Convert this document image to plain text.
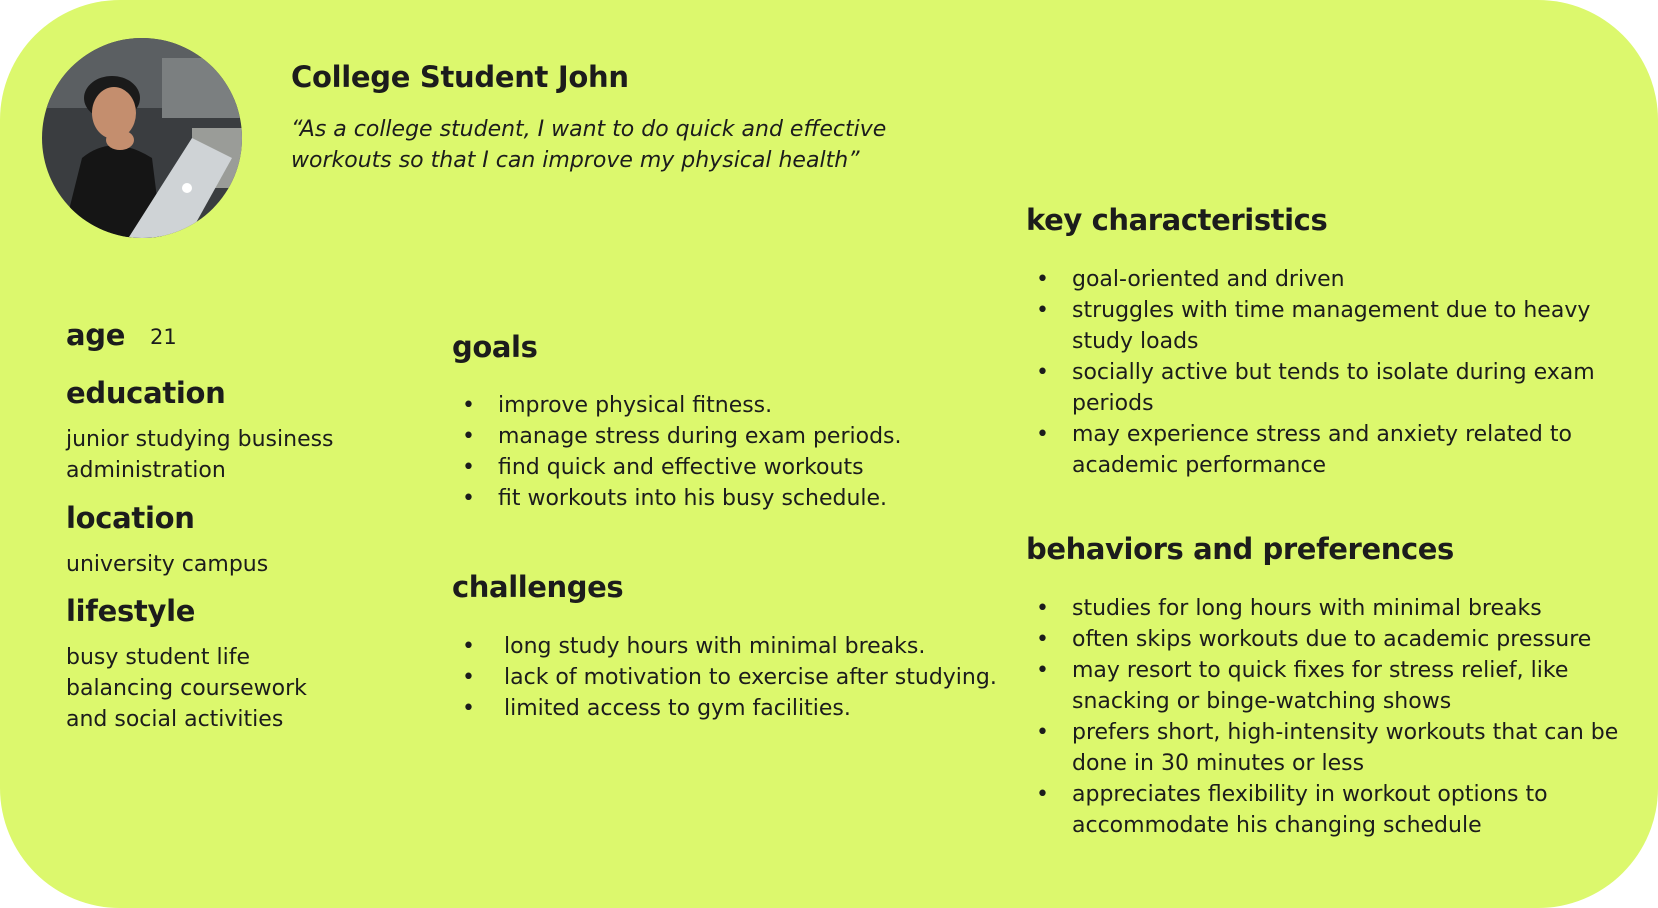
College Student John
“As a college student, I want to do quick and effective
workouts so that I can improve my physical health”
age 21
education
junior studying business
administration
location
university campus
lifestyle
busy student life
balancing coursework
and social activities
goals
• improve physical fitness.
• manage stress during exam periods.
• find quick and effective workouts
• fit workouts into his busy schedule.
challenges
• long study hours with minimal breaks.
• lack of motivation to exercise after studying.
• limited access to gym facilities.
key characteristics
• goal-oriented and driven
• struggles with time management due to heavy study loads
• socially active but tends to isolate during exam periods
• may experience stress and anxiety related to academic performance
behaviors and preferences
• studies for long hours with minimal breaks
• often skips workouts due to academic pressure
• may resort to quick fixes for stress relief, like snacking or binge-watching shows
• prefers short, high-intensity workouts that can be done in 30 minutes or less
• appreciates flexibility in workout options to accommodate his changing schedule
